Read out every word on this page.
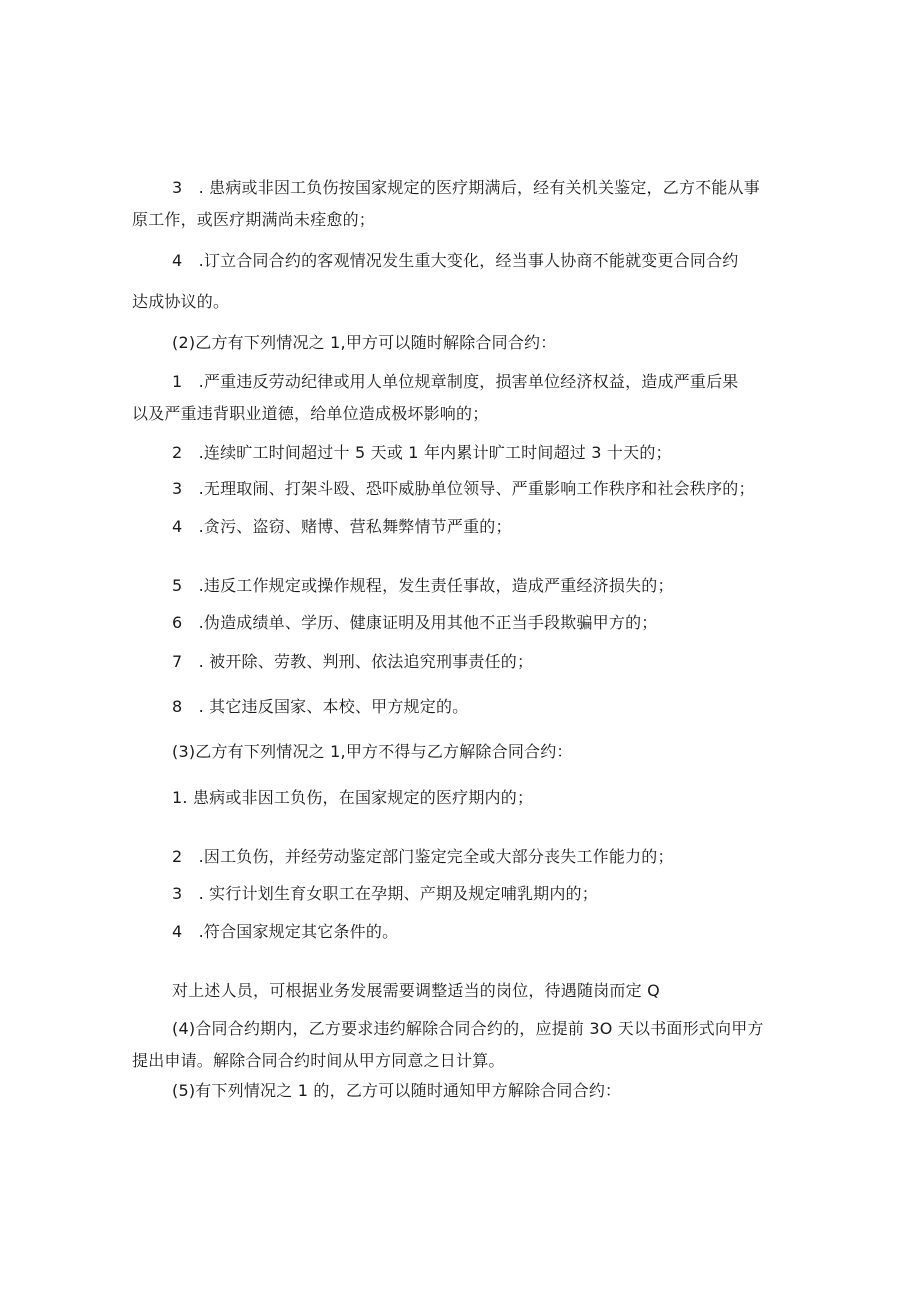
3　. 患病或非因工负伤按国家规定的医疗期满后，经有关机关鉴定，乙方不能从事
原工作，或医疗期满尚未痊愈的；
4　.订立合同合约的客观情况发生重大变化，经当事人协商不能就变更合同合约
达成协议的。
(2)乙方有下列情况之 1,甲方可以随时解除合同合约：
1　.严重违反劳动纪律或用人单位规章制度，损害单位经济权益，造成严重后果
以及严重违背职业道德，给单位造成极坏影响的；
2　.连续旷工时间超过十 5 天或 1 年内累计旷工时间超过 3 十天的；
3　.无理取闹、打架斗殴、恐吓威胁单位领导、严重影响工作秩序和社会秩序的；
4　.贪污、盗窃、赌博、营私舞弊情节严重的；
5　.违反工作规定或操作规程，发生责任事故，造成严重经济损失的；
6　.伪造成绩单、学历、健康证明及用其他不正当手段欺骗甲方的；
7　. 被开除、劳教、判刑、依法追究刑事责任的；
8　. 其它违反国家、本校、甲方规定的。
(3)乙方有下列情况之 1,甲方不得与乙方解除合同合约：
1. 患病或非因工负伤，在国家规定的医疗期内的；
2　.因工负伤，并经劳动鉴定部门鉴定完全或大部分丧失工作能力的；
3　. 实行计划生育女职工在孕期、产期及规定哺乳期内的；
4　.符合国家规定其它条件的。
对上述人员，可根据业务发展需要调整适当的岗位，待遇随岗而定 Q
(4)合同合约期内，乙方要求违约解除合同合约的，应提前 3O 天以书面形式向甲方
提出申请。解除合同合约时间从甲方同意之日计算。
(5)有下列情况之 1 的，乙方可以随时通知甲方解除合同合约：
